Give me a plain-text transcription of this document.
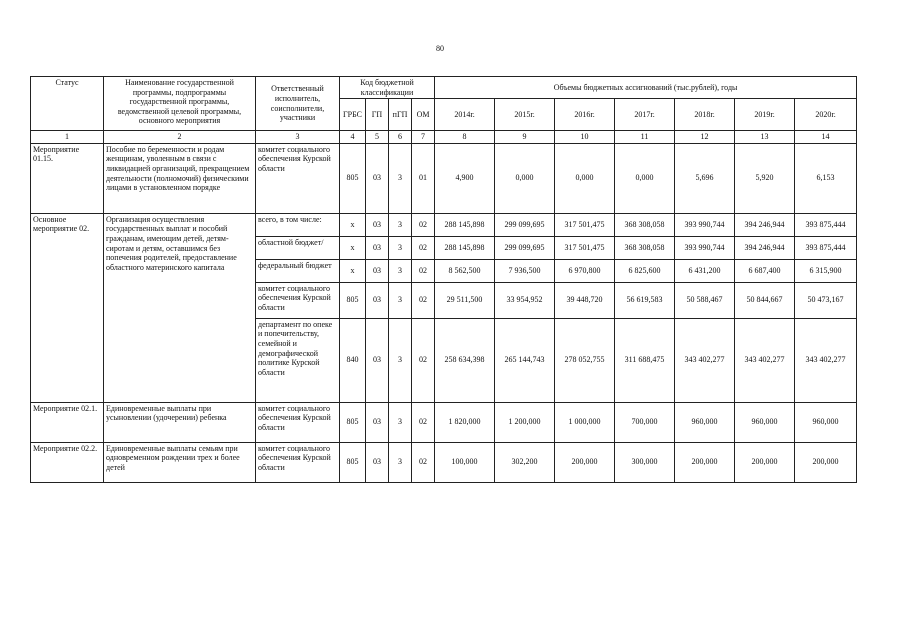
80
Статус	Наименование государственной программы, подпрограммы государственной программы, ведомственной целевой программы, основного мероприятия	Ответственный исполнитель, соисполнители, участники	Код бюджетной классификации				Объемы бюджетных ассигнований (тыс.рублей), годы						
			ГРБС	ГП	пГП	ОМ	2014г.	2015г.	2016г.	2017г.	2018г.	2019г.	2020г.
1	2	3	4	5	6	7	8	9	10	11	12	13	14
Мероприятие 01.15.	Пособие по беременности и родам женщинам, уволенным в связи с ликвидацией организаций, прекращением деятельности (полномочий) физическими лицами в установленном порядке	комитет социального обеспечения Курской области	805	03	3	01	4,900	0,000	0,000	0,000	5,696	5,920	6,153
Основное мероприятие 02.	Организация осуществления государственных выплат и пособий гражданам, имеющим детей, детям-сиротам и детям, оставшимся без попечения родителей, предоставление областного материнского капитала	всего, в том числе:	х	03	3	02	288 145,898	299 099,695	317 501,475	368 308,058	393 990,744	394 246,944	393 875,444
		областной бюджет/	х	03	3	02	288 145,898	299 099,695	317 501,475	368 308,058	393 990,744	394 246,944	393 875,444
		федеральный бюджет	х	03	3	02	8 562,500	7 936,500	6 970,800	6 825,600	6 431,200	6 687,400	6 315,900
		комитет социального обеспечения Курской области	805	03	3	02	29 511,500	33 954,952	39 448,720	56 619,583	50 588,467	50 844,667	50 473,167
		департамент по опеке и попечительству, семейной и демографической политике Курской области	840	03	3	02	258 634,398	265 144,743	278 052,755	311 688,475	343 402,277	343 402,277	343 402,277
Мероприятие 02.1.	Единовременные выплаты при усыновлении (удочерении) ребенка	комитет социального обеспечения Курской области	805	03	3	02	1 820,000	1 200,000	1 000,000	700,000	960,000	960,000	960,000
Мероприятие 02.2.	Единовременные выплаты семьям при одновременном рождении трех и более детей	комитет социального обеспечения Курской области	805	03	3	02	100,000	302,200	200,000	300,000	200,000	200,000	200,000
